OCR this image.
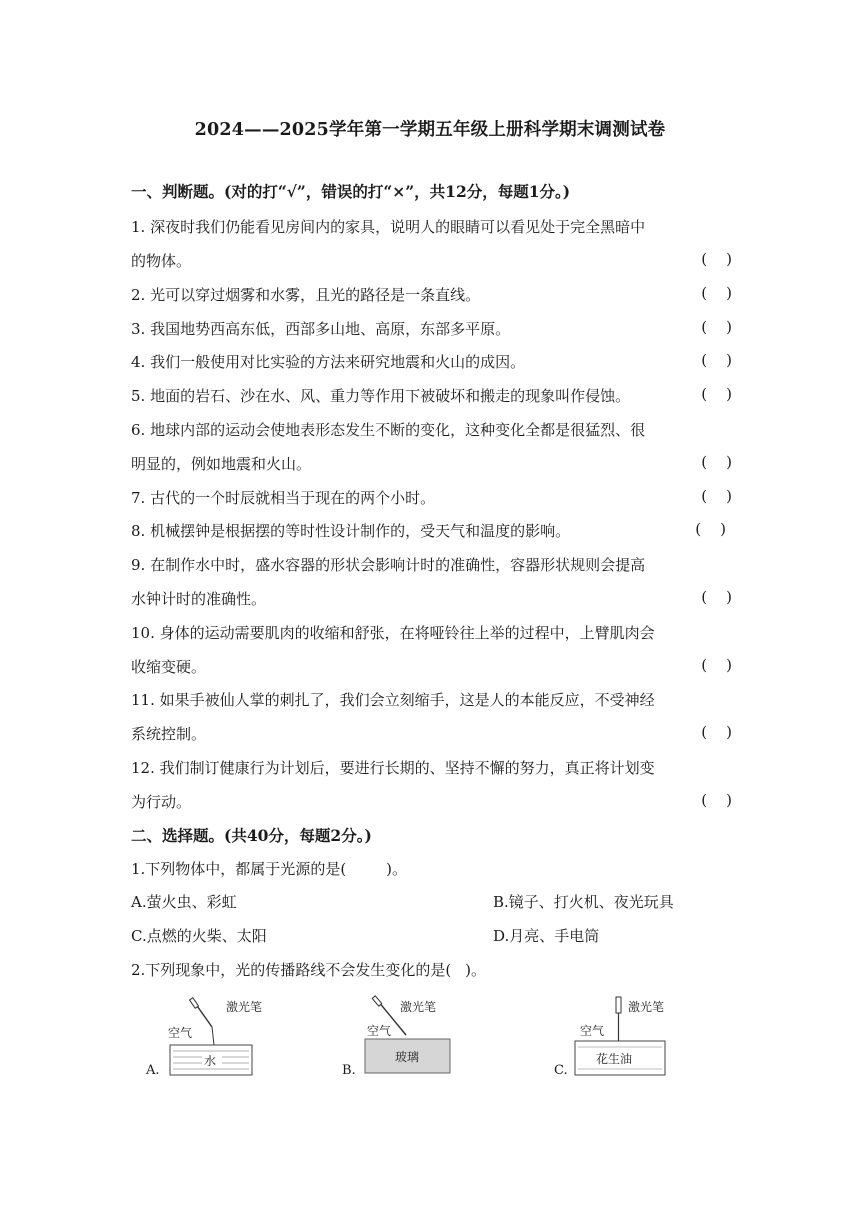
2024——2025学年第一学期五年级上册科学期末调测试卷
一、判断题。(对的打“√”，错误的打“×”，共12分，每题1分。)
1. 深夜时我们仍能看见房间内的家具，说明人的眼睛可以看见处于完全黑暗中
的物体。	(    )
2. 光可以穿过烟雾和水雾，且光的路径是一条直线。	(    )
3. 我国地势西高东低，西部多山地、高原，东部多平原。	(    )
4. 我们一般使用对比实验的方法来研究地震和火山的成因。	(    )
5. 地面的岩石、沙在水、风、重力等作用下被破坏和搬走的现象叫作侵蚀。	(    )
6. 地球内部的运动会使地表形态发生不断的变化，这种变化全都是很猛烈、很
明显的，例如地震和火山。	(    )
7. 古代的一个时辰就相当于现在的两个小时。	(    )
8. 机械摆钟是根据摆的等时性设计制作的，受天气和温度的影响。	(    )
9. 在制作水中时，盛水容器的形状会影响计时的准确性，容器形状规则会提高
水钟计时的准确性。	(    )
10. 身体的运动需要肌肉的收缩和舒张，在将哑铃往上举的过程中，上臂肌肉会
收缩变硬。	(    )
11. 如果手被仙人掌的刺扎了，我们会立刻缩手，这是人的本能反应，不受神经
系统控制。	(    )
12. 我们制订健康行为计划后，要进行长期的、坚持不懈的努力，真正将计划变
为行动。	(    )
二、选择题。(共40分，每题2分。)
1.下列物体中，都属于光源的是(	)。
A.萤火虫、彩虹	B.镜子、打火机、夜光玩具
C.点燃的火柴、太阳	D.月亮、手电筒
2.下列现象中，光的传播路线不会发生变化的是( )。
激光笔
空气
水
A.
激光笔
空气
玻璃
B.
激光笔
空气
花生油
C.
